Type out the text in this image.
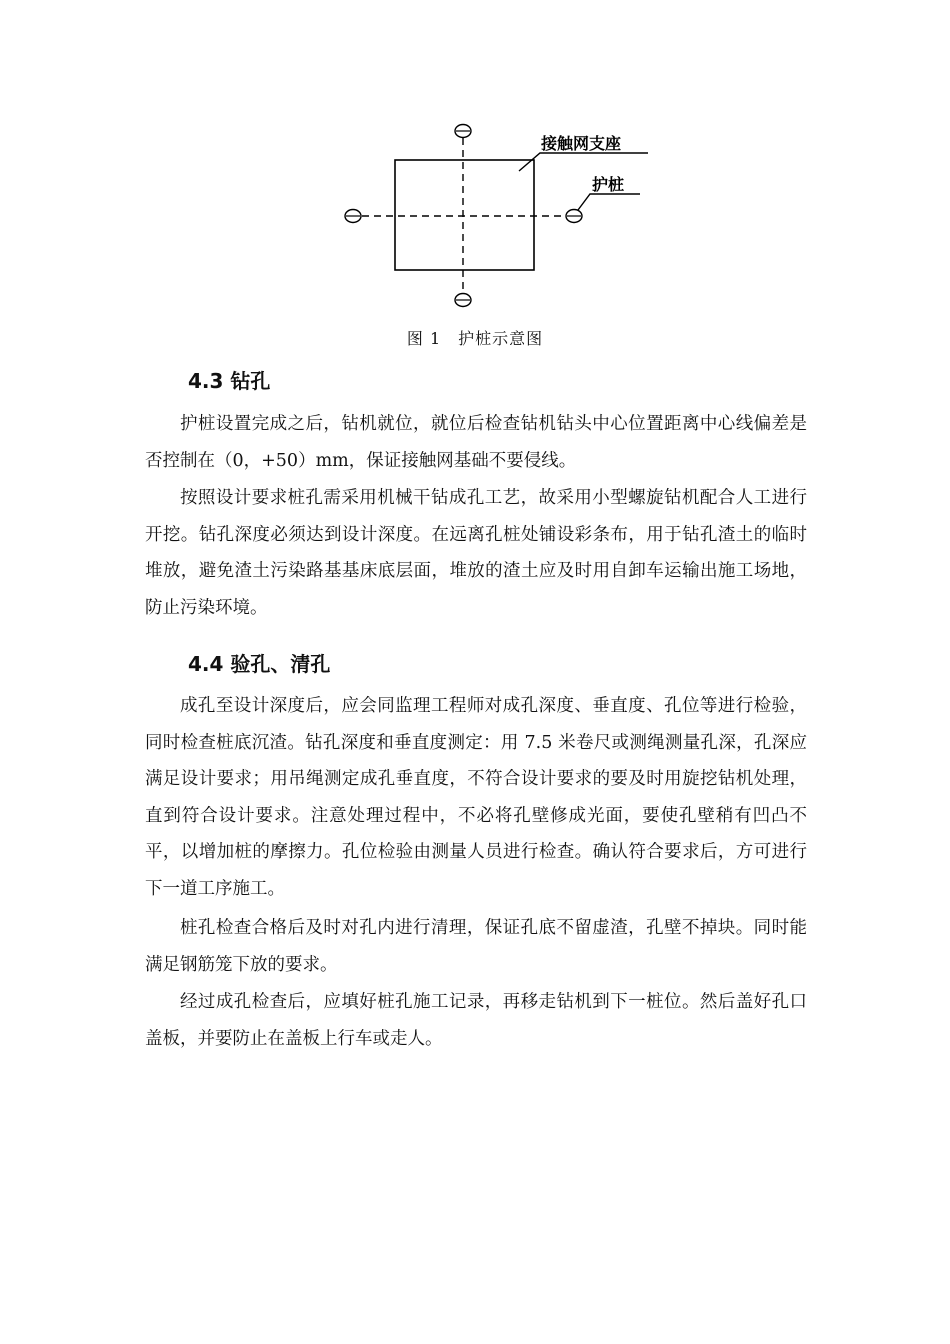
接触网支座
护桩
图 1　护桩示意图
4.3 钻孔
护桩设置完成之后，钻机就位，就位后检查钻机钻头中心位置距离中心线偏差是否控制在（0，+50）mm，保证接触网基础不要侵线。
按照设计要求桩孔需采用机械干钻成孔工艺，故采用小型螺旋钻机配合人工进行开挖。钻孔深度必须达到设计深度。在远离孔桩处铺设彩条布，用于钻孔渣土的临时堆放，避免渣土污染路基基床底层面，堆放的渣土应及时用自卸车运输出施工场地，防止污染环境。
4.4 验孔、清孔
成孔至设计深度后，应会同监理工程师对成孔深度、垂直度、孔位等进行检验，同时检查桩底沉渣。钻孔深度和垂直度测定：用 7.5 米卷尺或测绳测量孔深，孔深应满足设计要求；用吊绳测定成孔垂直度，不符合设计要求的要及时用旋挖钻机处理，直到符合设计要求。注意处理过程中，不必将孔壁修成光面，要使孔壁稍有凹凸不平，以增加桩的摩擦力。孔位检验由测量人员进行检查。确认符合要求后，方可进行下一道工序施工。
桩孔检查合格后及时对孔内进行清理，保证孔底不留虚渣，孔壁不掉块。同时能满足钢筋笼下放的要求。
经过成孔检查后，应填好桩孔施工记录，再移走钻机到下一桩位。然后盖好孔口盖板，并要防止在盖板上行车或走人。
